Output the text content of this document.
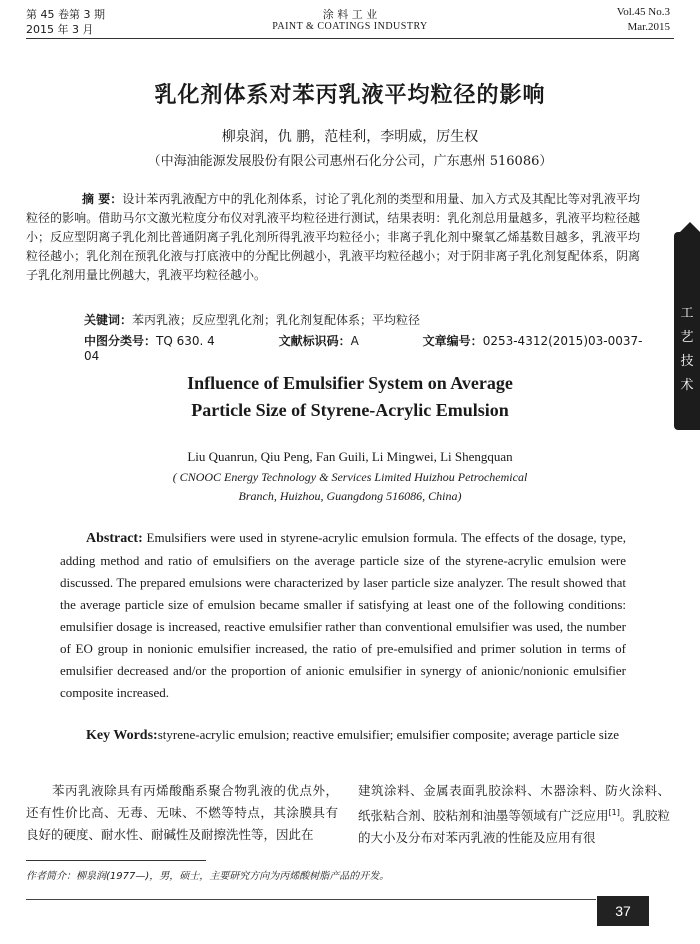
第 45 卷第 3 期
2015 年 3 月
涂 料 工 业
PAINT & COATINGS INDUSTRY
Vol.45 No.3
Mar.2015
乳化剂体系对苯丙乳液平均粒径的影响
柳泉润，仇 鹏，范桂利，李明威，厉生权
（中海油能源发展股份有限公司惠州石化分公司，广东惠州 516086）
摘 要：设计苯丙乳液配方中的乳化剂体系，讨论了乳化剂的类型和用量、加入方式及其配比等对乳液平均粒径的影响。借助马尔文激光粒度分布仪对乳液平均粒径进行测试，结果表明：乳化剂总用量越多，乳液平均粒径越小；反应型阴离子乳化剂比普通阴离子乳化剂所得乳液平均粒径小；非离子乳化剂中聚氧乙烯基数目越多，乳液平均粒径越小；乳化剂在预乳化液与打底液中的分配比例越小，乳液平均粒径越小；对于阴非离子乳化剂复配体系，阴离子乳化剂用量比例越大，乳液平均粒径越小。
关键词：苯丙乳液；反应型乳化剂；乳化剂复配体系；平均粒径
中图分类号：TQ 630. 4	文献标识码：A	文章编号：0253-4312(2015)03-0037-04
Influence of Emulsifier System on Average
Particle Size of Styrene-Acrylic Emulsion
Liu Quanrun, Qiu Peng, Fan Guili, Li Mingwei, Li Shengquan
( CNOOC Energy Technology & Services Limited Huizhou Petrochemical
Branch, Huizhou, Guangdong 516086, China)
Abstract: Emulsifiers were used in styrene-acrylic emulsion formula. The effects of the dosage, type, adding method and ratio of emulsifiers on the average particle size of the styrene-acrylic emulsion were discussed. The prepared emulsions were characterized by laser particle size analyzer. The result showed that the average particle size of emulsion became smaller if satisfying at least one of the following conditions: emulsifier dosage is increased, reactive emulsifier rather than conventional emulsifier was used, the number of EO group in nonionic emulsifier increased, the ratio of pre-emulsified and primer solution in terms of emulsifier decreased and/or the proportion of anionic emulsifier in synergy of anionic/nonionic emulsifier composite increased.
Key Words:styrene-acrylic emulsion; reactive emulsifier; emulsifier composite; average particle size
苯丙乳液除具有丙烯酸酯系聚合物乳液的优点外，还有性价比高、无毒、无味、不燃等特点，其涂膜具有良好的硬度、耐水性、耐碱性及耐擦洗性等，因此在
建筑涂料、金属表面乳胶涂料、木器涂料、防火涂料、纸张粘合剂、胶粘剂和油墨等领域有广泛应用[1]。乳胶粒的大小及分布对苯丙乳液的性能及应用有很
作者简介：柳泉润(1977—)，男，硕士，主要研究方向为丙烯酸树脂产品的开发。
37
工
艺
技
术
